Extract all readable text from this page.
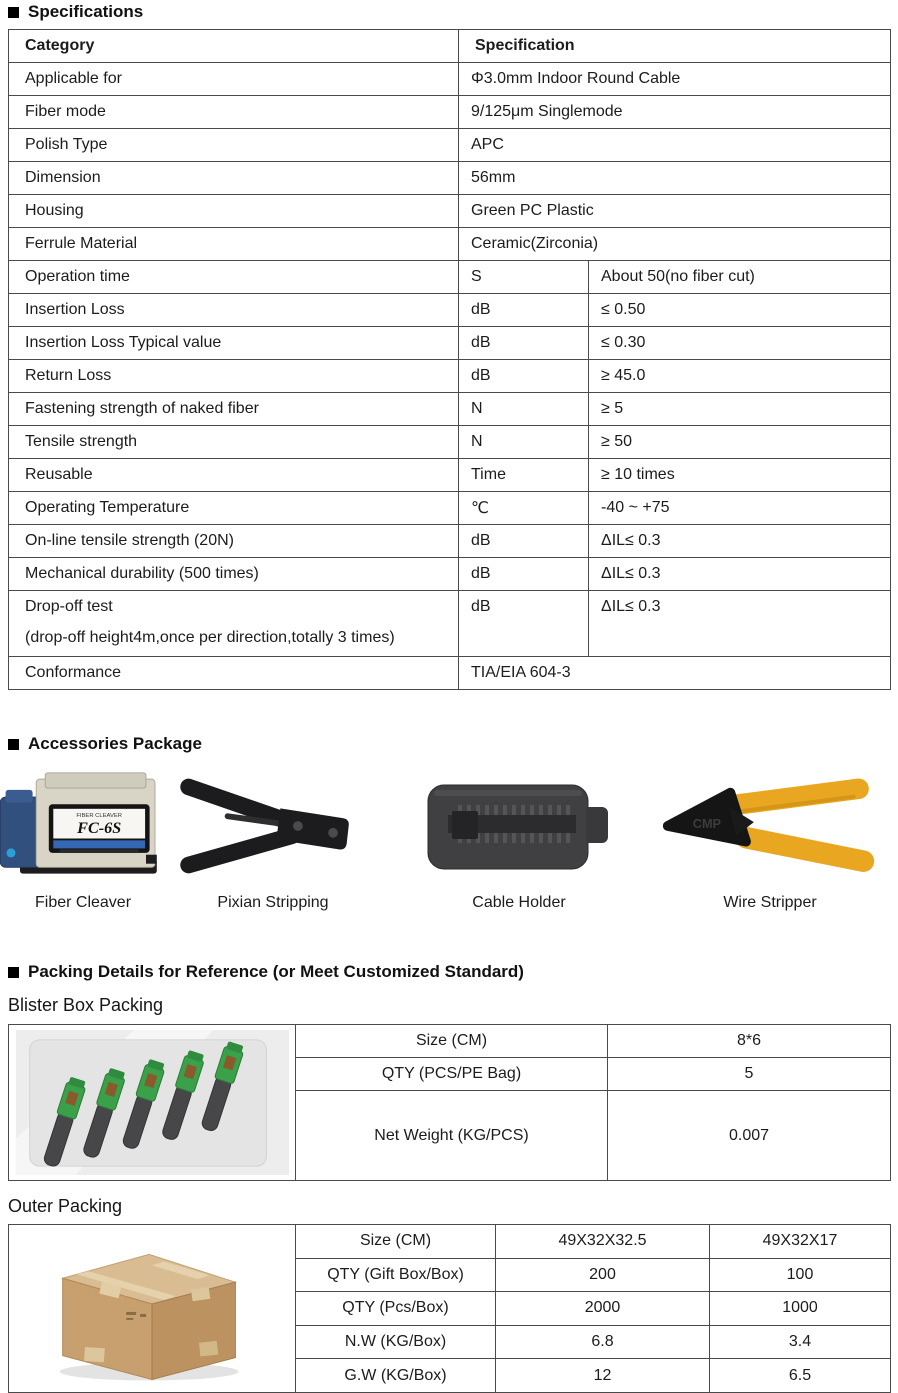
Specifications
Category	Specification	
Applicable for	Φ3.0mm Indoor Round Cable	
Fiber mode	9/125μm Singlemode	
Polish Type	APC	
Dimension	56mm	
Housing	Green PC Plastic	
Ferrule Material	Ceramic(Zirconia)	
Operation time	S	About 50(no fiber cut)
Insertion Loss	dB	≤ 0.50
Insertion Loss Typical value	dB	≤ 0.30
Return Loss	dB	≥ 45.0
Fastening strength of naked fiber	N	≥ 5
Tensile strength	N	≥ 50
Reusable	Time	≥ 10 times
Operating Temperature	℃	-40 ~ +75
On-line tensile strength (20N)	dB	ΔIL≤ 0.3
Mechanical durability (500 times)	dB	ΔIL≤ 0.3

Drop-off test
(drop-off height4m,once per direction,totally 3 times)	dB	ΔIL≤ 0.3
Conformance	TIA/EIA 604-3	
Accessories Package
FIBER CLEAVER
FC-6S
Fiber Cleaver	Pixian Stripping	Cable Holder
CMP
Wire Stripper
Packing Details for Reference (or Meet Customized Standard)
Blister Box Packing
	Size (CM)	8*6
	QTY (PCS/PE Bag)	5
	Net Weight (KG/PCS)	0.007
Outer Packing
	Size (CM)	49X32X32.5	49X32X17
	QTY (Gift Box/Box)	200	100
	QTY (Pcs/Box)	2000	1000
	N.W (KG/Box)	6.8	3.4
	G.W (KG/Box)	12	6.5
